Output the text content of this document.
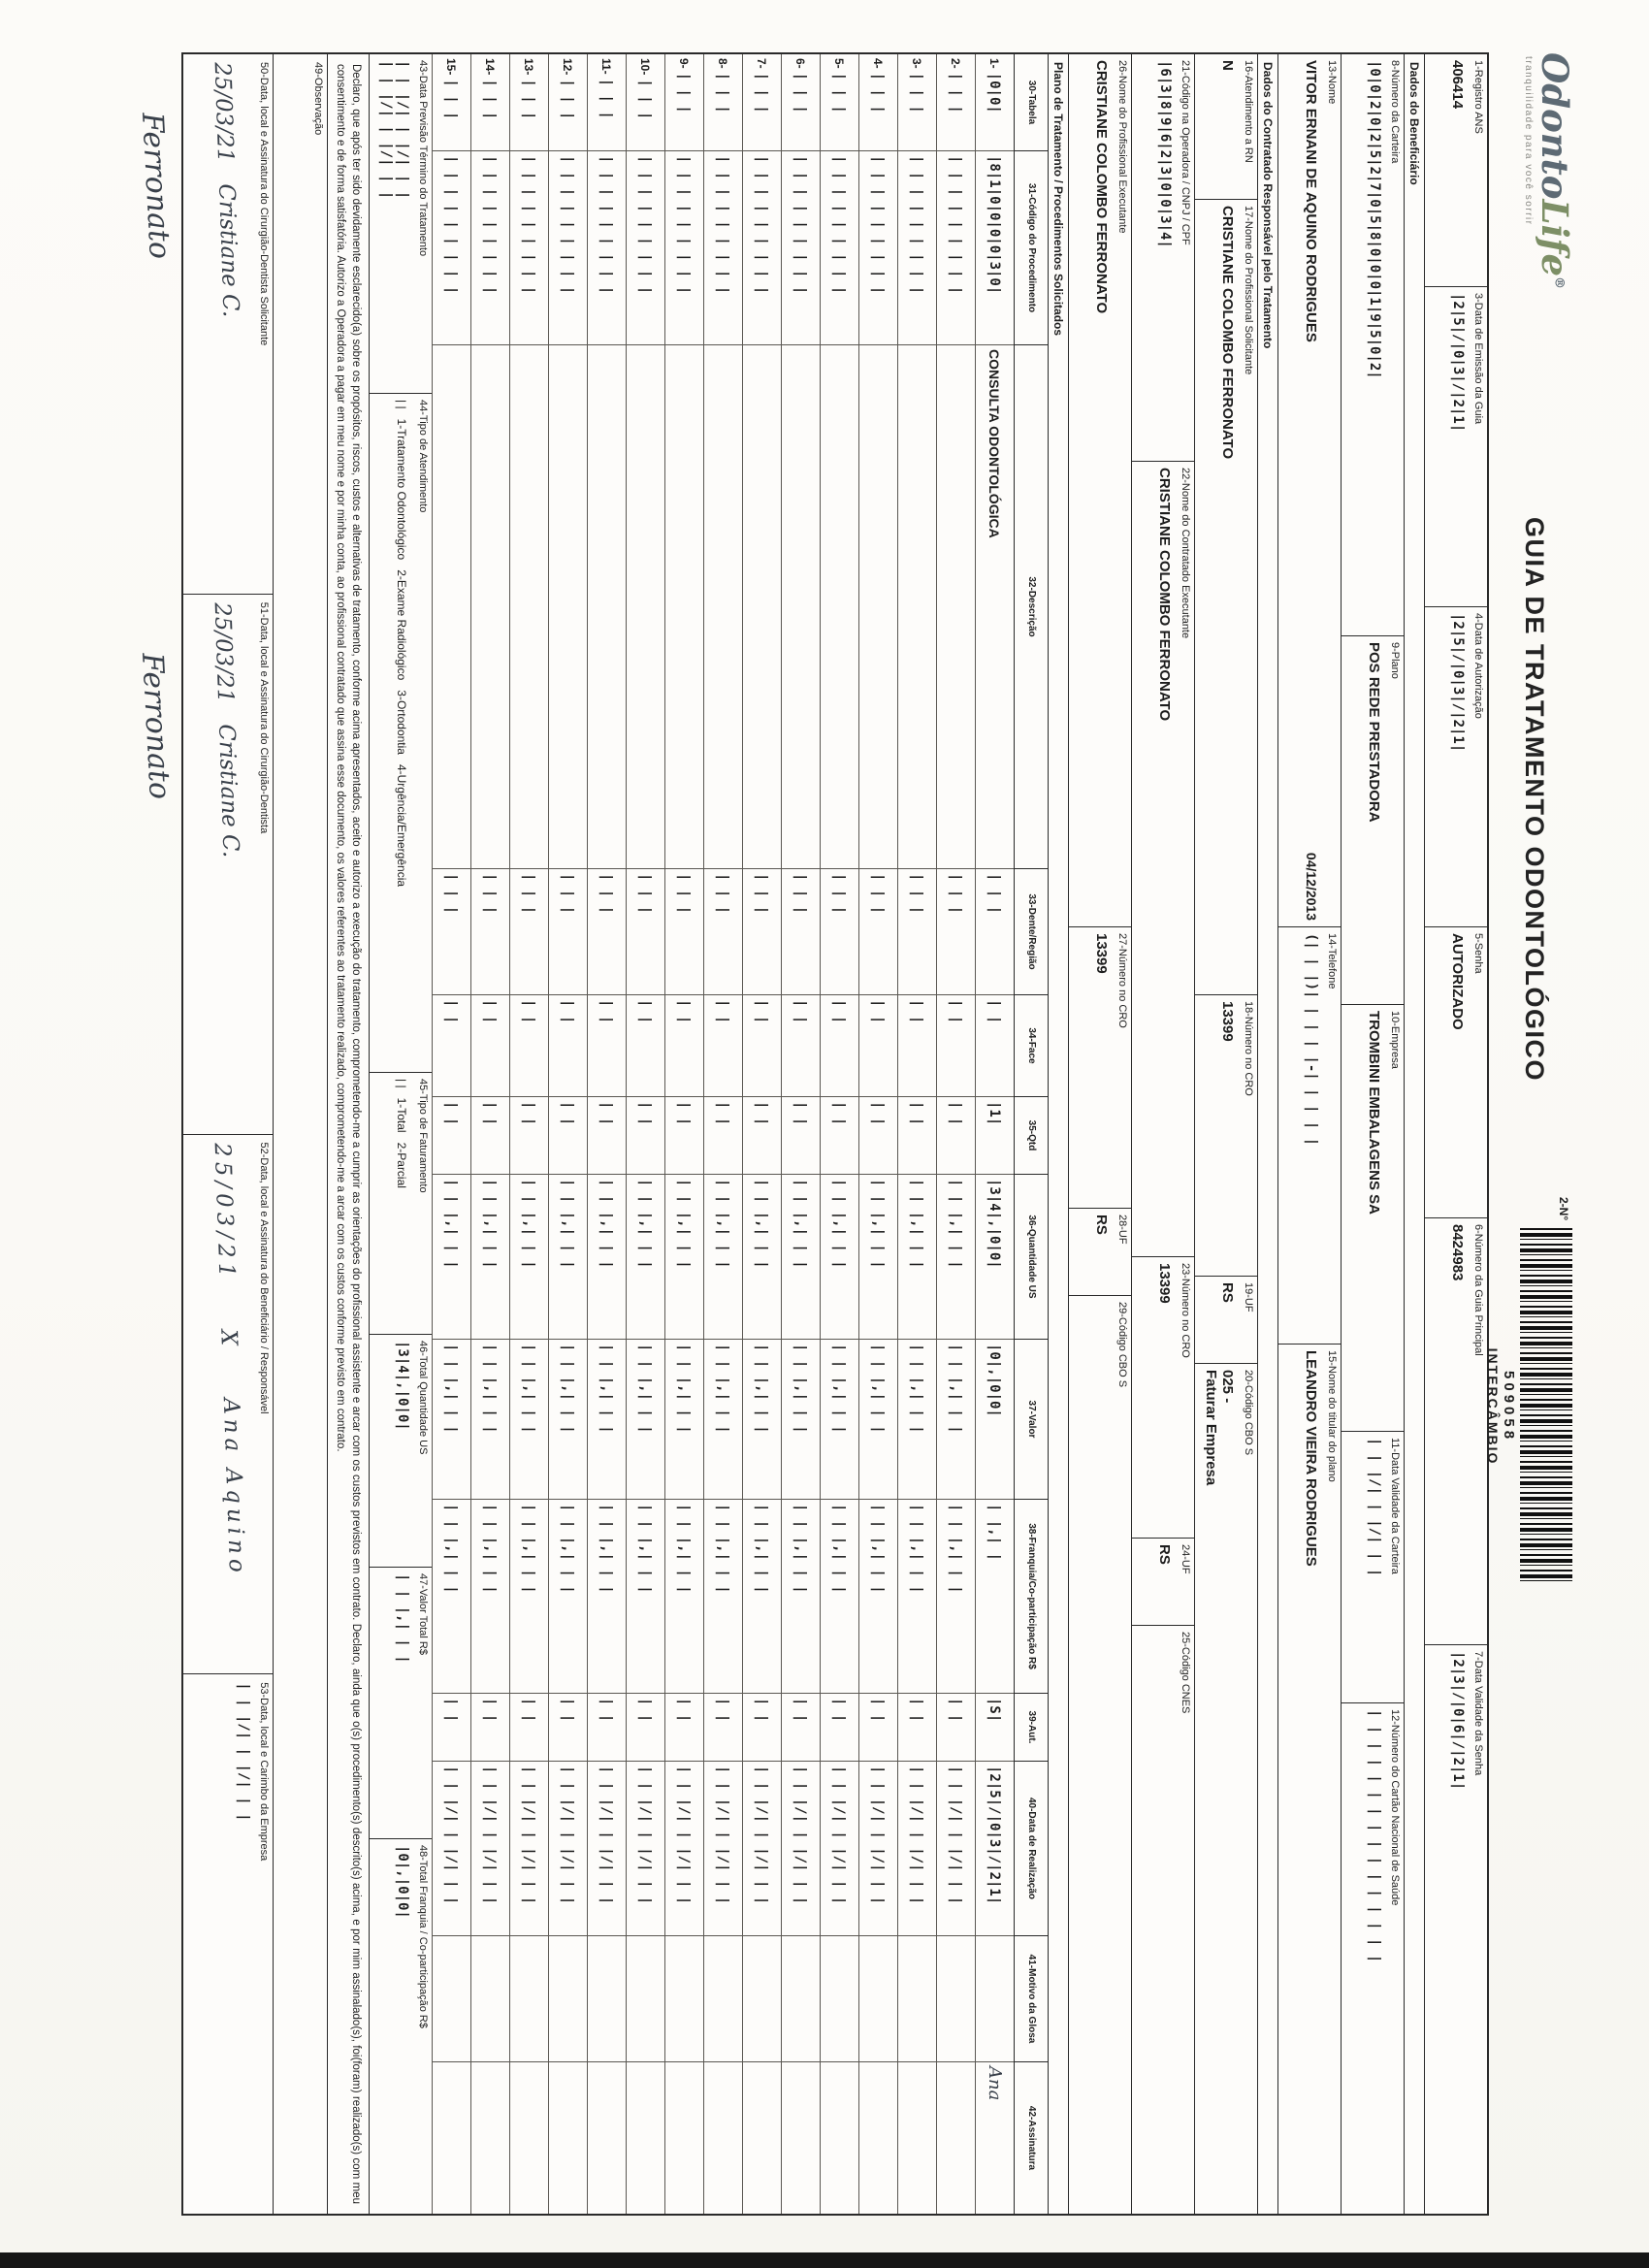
OdontoLife®
tranquilidade para você sorrir
GUIA DE TRATAMENTO ODONTOLÓGICO
2-N°
509058
INTERCÂMBIO
1-Registro ANS
406414
3-Data de Emissão da Guia
|2|5|/|0|3|/|2|1|
4-Data de Autorização
|2|5|/|0|3|/|2|1|
5-Senha
AUTORIZADO
6-Número da Guia Principal
8424983
7-Data Validade da Senha
|2|3|/|0|6|/|2|1|
Dados do Beneficiário
8-Número da Carteira
|0|0|2|0|2|5|2|7|0|5|8|0|0|0|1|9|5|0|2|
9-Plano
POS REDE PRESTADORA
10-Empresa
TROMBINI EMBALAGENS SA
11-Data Validade da Carteira
| | |/| | |/| | |
12-Número do Cartão Nacional de Saúde
| | | | | | | | | | | | | | | |
13-Nome
VITOR ERNANI DE AQUINO RODRIGUES
04/12/2013
14-Telefone
(| | |)| | | | |-| | | | |
15-Nome do titular do plano
LEANDRO VIEIRA RODRIGUES
Dados do Contratado Responsável pelo Tratamento
16-Atendimento a RN
N
17-Nome do Profissional Solicitante
CRISTIANE COLOMBO FERRONATO
18-Número no CRO
13399
19-UF
RS
20-Código CBO S
025 -
Faturar Empresa
21-Código na Operadora / CNPJ / CPF
|6|3|8|9|6|2|3|0|0|3|4|
22-Nome do Contratado Executante
CRISTIANE COLOMBO FERRONATO
23-Número no CRO
13399
24-UF
RS
25-Código CNES
26-Nome do Profissional Executante
CRISTIANE COLOMBO FERRONATO
27-Número no CRO
13399
28-UF
RS
29-Código CBO S
Plano de Tratamento / Procedimentos Solicitados
30-Tabela
31-Código do Procedimento
32-Descrição
33-Dente/Região
34-Face
35-Qtd
36-Quantidade US
37-Valor
38-Franquia/Co-participação R$
39-Aut.
40-Data de Realização
41-Motivo da Glosa
42-Assinatura
1-
|0|0|
|8|1|0|0|0|0|3|0|
CONSULTA ODONTOLÓGICA
| | |
| |
|1|
|3|4|,|0|0|
|0|,|0|0|
| |,| |
|S|
|2|5|/|0|3|/|2|1|
Ana
2-
| | |
| | | | | | | | |
| | |
| |
| |
| | |,| | |
| | |,| | |
| | |,| | |
| |
| | |/| | |/| | |
3-
| | |
| | | | | | | | |
| | |
| |
| |
| | |,| | |
| | |,| | |
| | |,| | |
| |
| | |/| | |/| | |
4-
| | |
| | | | | | | | |
| | |
| |
| |
| | |,| | |
| | |,| | |
| | |,| | |
| |
| | |/| | |/| | |
5-
| | |
| | | | | | | | |
| | |
| |
| |
| | |,| | |
| | |,| | |
| | |,| | |
| |
| | |/| | |/| | |
6-
| | |
| | | | | | | | |
| | |
| |
| |
| | |,| | |
| | |,| | |
| | |,| | |
| |
| | |/| | |/| | |
7-
| | |
| | | | | | | | |
| | |
| |
| |
| | |,| | |
| | |,| | |
| | |,| | |
| |
| | |/| | |/| | |
8-
| | |
| | | | | | | | |
| | |
| |
| |
| | |,| | |
| | |,| | |
| | |,| | |
| |
| | |/| | |/| | |
9-
| | |
| | | | | | | | |
| | |
| |
| |
| | |,| | |
| | |,| | |
| | |,| | |
| |
| | |/| | |/| | |
10-
| | |
| | | | | | | | |
| | |
| |
| |
| | |,| | |
| | |,| | |
| | |,| | |
| |
| | |/| | |/| | |
11-
| | |
| | | | | | | | |
| | |
| |
| |
| | |,| | |
| | |,| | |
| | |,| | |
| |
| | |/| | |/| | |
12-
| | |
| | | | | | | | |
| | |
| |
| |
| | |,| | |
| | |,| | |
| | |,| | |
| |
| | |/| | |/| | |
13-
| | |
| | | | | | | | |
| | |
| |
| |
| | |,| | |
| | |,| | |
| | |,| | |
| |
| | |/| | |/| | |
14-
| | |
| | | | | | | | |
| | |
| |
| |
| | |,| | |
| | |,| | |
| | |,| | |
| |
| | |/| | |/| | |
15-
| | |
| | | | | | | | |
| | |
| |
| |
| | |,| | |
| | |,| | |
| | |,| | |
| |
| | |/| | |/| | |
43-Data Previsão Término do Tratamento
| | |/| | |/| | |
| | |/| | |/| | |
44-Tipo de Atendimento
| |   1-Tratamento Odontológico   2-Exame Radiológico   3-Ortodontia   4-Urgência/Emergência
45-Tipo de Faturamento
| |   1-Total   2-Parcial
46-Total Quantidade US
|3|4|,|0|0|
47-Valor Total R$
| | |,| | |
48-Total Franquia / Co-participação R$
|0|,|0|0|
Declaro, que após ter sido devidamente esclarecido(a) sobre os propósitos, riscos, custos e alternativas de tratamento, conforme acima apresentados, aceito e autorizo a execução do tratamento, comprometendo-me a cumprir as orientações do profissional assistente e arcar com os custos previstos em contrato. Declaro, ainda que o(s) procedimento(s) descrito(s) acima, e por mim assinalado(s), foi(foram) realizado(s) com meu consentimento e de forma satisfatória. Autorizo a Operadora a pagar em meu nome e por minha conta, ao profissional contratado que assina esse documento, os valores referentes ao tratamento realizado, comprometendo-me a arcar com os custos conforme previsto em contrato.
49-Observação
50-Data, local e Assinatura do Cirurgião-Dentista Solicitante
25/03/21   Cristiane C.
Ferronato
51-Data, local e Assinatura do Cirurgião-Dentista
25/03/21   Cristiane C.
Ferronato
52-Data, local e Assinatura do Beneficiário / Responsável
25/03/21    X    Ana Aquino
53-Data, local e Carimbo da Empresa
| | |/| | |/| | |
